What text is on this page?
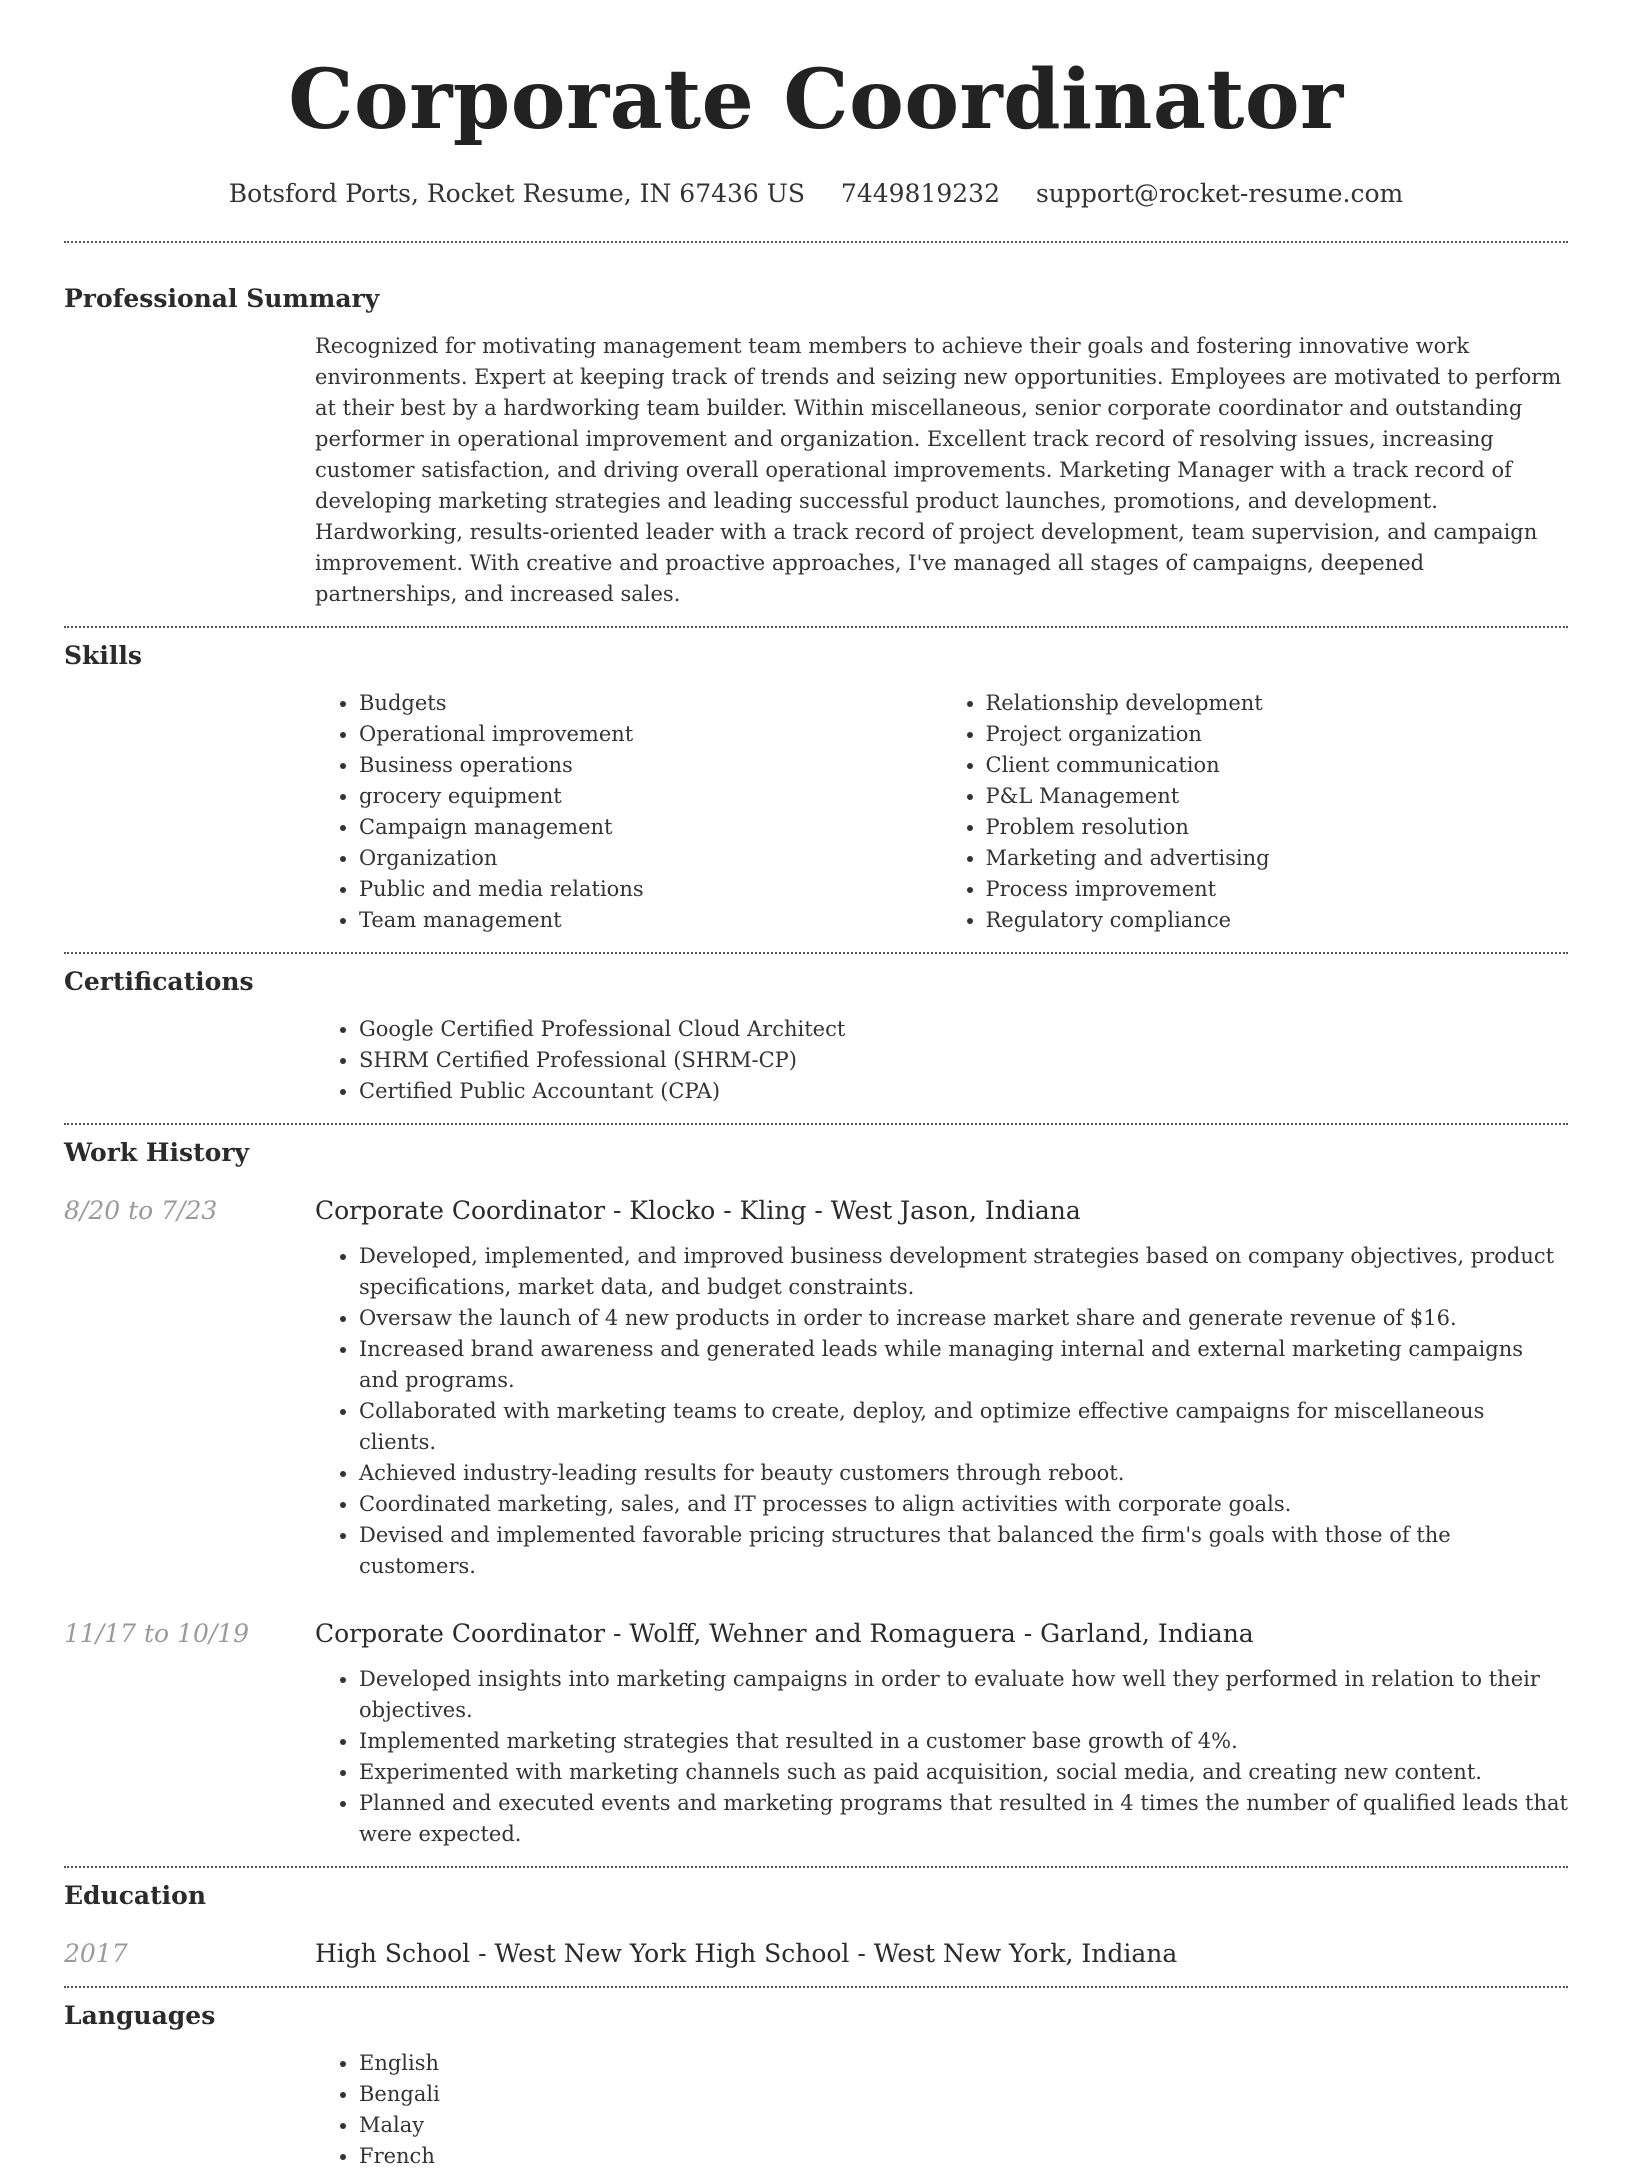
Corporate Coordinator
Botsford Ports, Rocket Resume, IN 67436 US 7449819232 support@rocket-resume.com
Professional Summary

Recognized for motivating management team members to achieve their goals and fostering innovative work environments. Expert at keeping track of trends and seizing new opportunities. Employees are motivated to perform at their best by a hardworking team builder. Within miscellaneous, senior corporate coordinator and outstanding performer in operational improvement and organization. Excellent track record of resolving issues, increasing customer satisfaction, and driving overall operational improvements. Marketing Manager with a track record of developing marketing strategies and leading successful product launches, promotions, and development. Hardworking, results-oriented leader with a track record of project development, team supervision, and campaign improvement. With creative and proactive approaches, I've managed all stages of campaigns, deepened partnerships, and increased sales.

Skills
• Budgets
• Operational improvement
• Business operations
• grocery equipment
• Campaign management
• Organization
• Public and media relations
• Team management
• Relationship development
• Project organization
• Client communication
• P&L Management
• Problem resolution
• Marketing and advertising
• Process improvement
• Regulatory compliance
Certifications
• Google Certified Professional Cloud Architect
• SHRM Certified Professional (SHRM-CP)
• Certified Public Accountant (CPA)
Work History
8/20 to 7/23	Corporate Coordinator - Klocko - Kling - West Jason, Indiana
• Developed, implemented, and improved business development strategies based on company objectives, product specifications, market data, and budget constraints.
• Oversaw the launch of 4 new products in order to increase market share and generate revenue of $16.
• Increased brand awareness and generated leads while managing internal and external marketing campaigns and programs.
• Collaborated with marketing teams to create, deploy, and optimize effective campaigns for miscellaneous clients.
• Achieved industry-leading results for beauty customers through reboot.
• Coordinated marketing, sales, and IT processes to align activities with corporate goals.
• Devised and implemented favorable pricing structures that balanced the firm's goals with those of the customers.
11/17 to 10/19	Corporate Coordinator - Wolff, Wehner and Romaguera - Garland, Indiana
• Developed insights into marketing campaigns in order to evaluate how well they performed in relation to their objectives.
• Implemented marketing strategies that resulted in a customer base growth of 4%.
• Experimented with marketing channels such as paid acquisition, social media, and creating new content.
• Planned and executed events and marketing programs that resulted in 4 times the number of qualified leads that were expected.
Education
2017	High School - West New York High School - West New York, Indiana
Languages
• English
• Bengali
• Malay
• French
